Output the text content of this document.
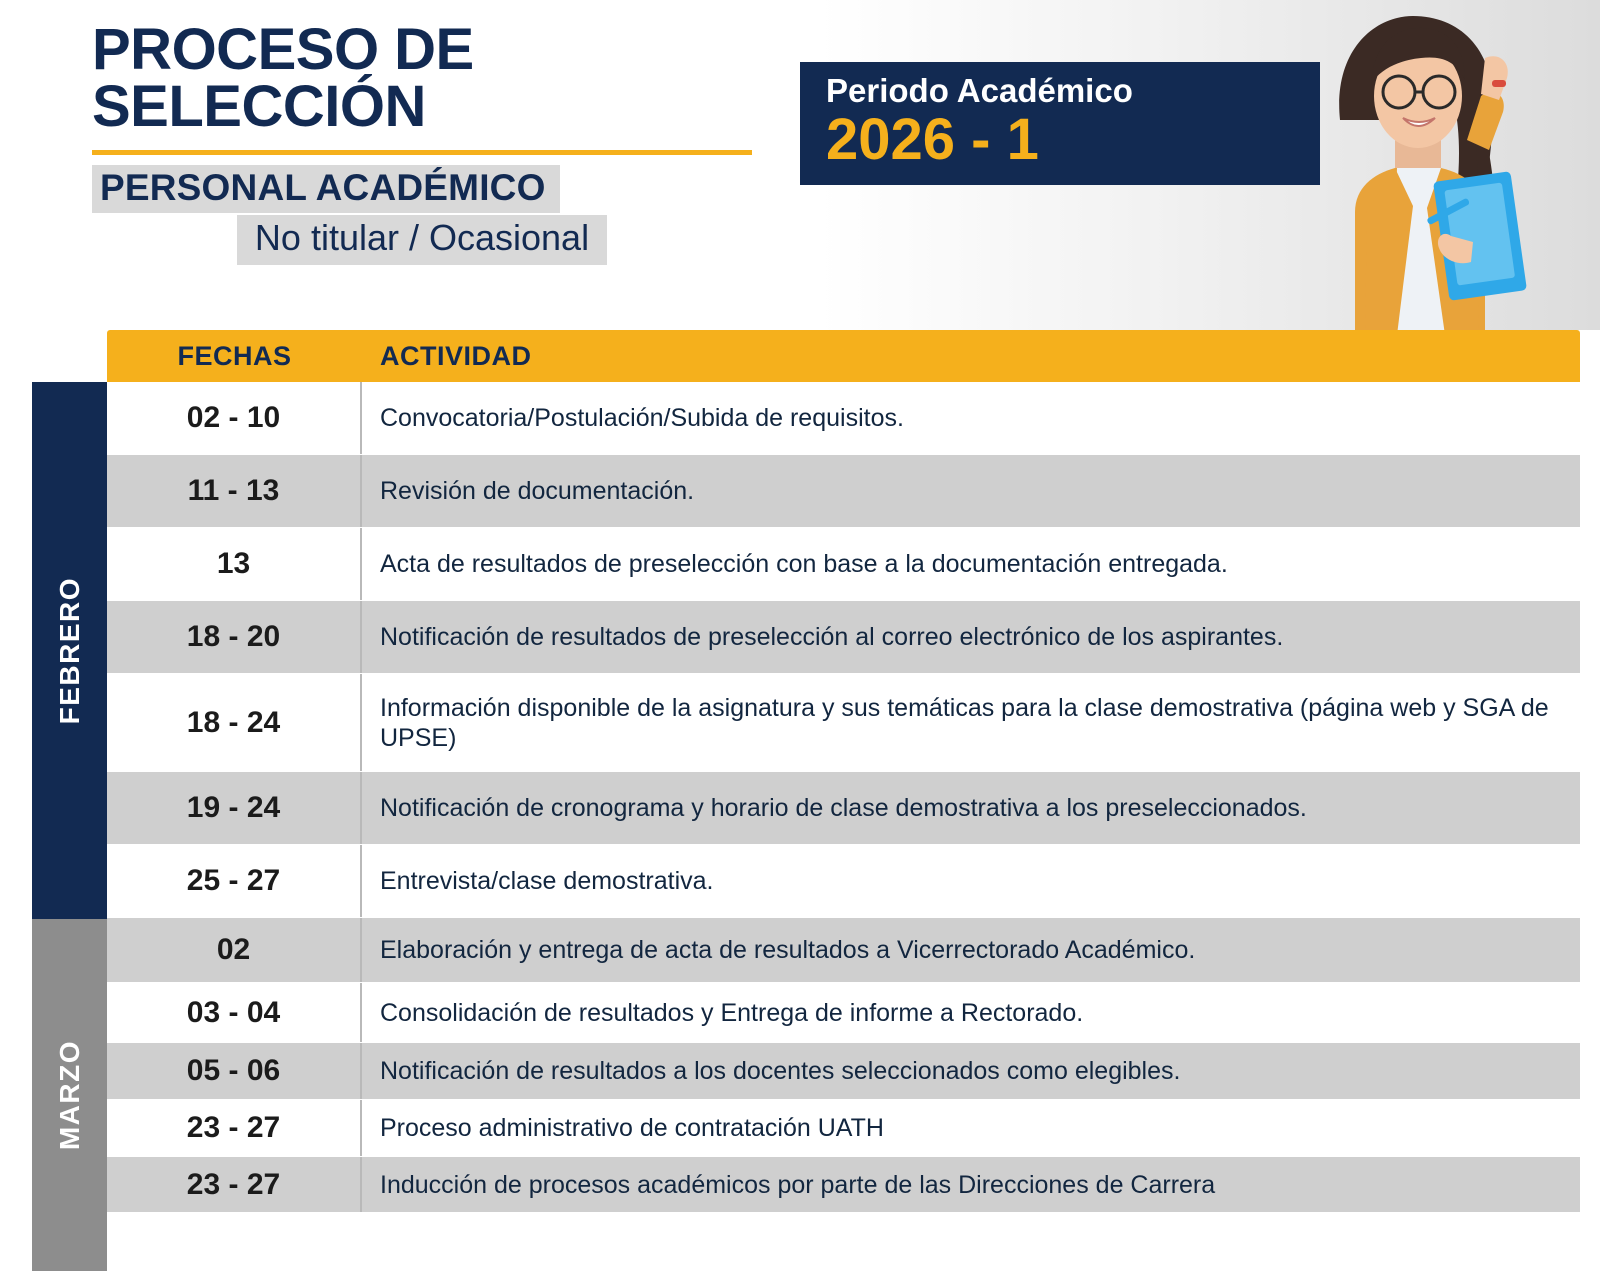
PROCESO DE
SELECCIÓN
PERSONAL ACADÉMICO
No titular / Ocasional
Periodo Académico
2026 - 1
FECHAS	ACTIVIDAD
FEBRERO
MARZO
02 - 10	Convocatoria/Postulación/Subida de requisitos.
11 - 13	Revisión de documentación.
13	Acta de resultados de preselección con base a la documentación entregada.
18 - 20	Notificación de resultados de preselección al correo electrónico de los aspirantes.
18 - 24	Información disponible de la asignatura y sus temáticas para la clase demostrativa (página web y SGA de UPSE)
19 - 24	Notificación de cronograma y horario de clase demostrativa a los preseleccionados.
25 - 27	Entrevista/clase demostrativa.
02	Elaboración y entrega de acta de resultados a Vicerrectorado Académico.
03 - 04	Consolidación de resultados y Entrega de informe a Rectorado.
05 - 06	Notificación de resultados a los docentes seleccionados como elegibles.
23 - 27	Proceso administrativo de contratación UATH
23 - 27	Inducción de procesos académicos por parte de las Direcciones de Carrera
